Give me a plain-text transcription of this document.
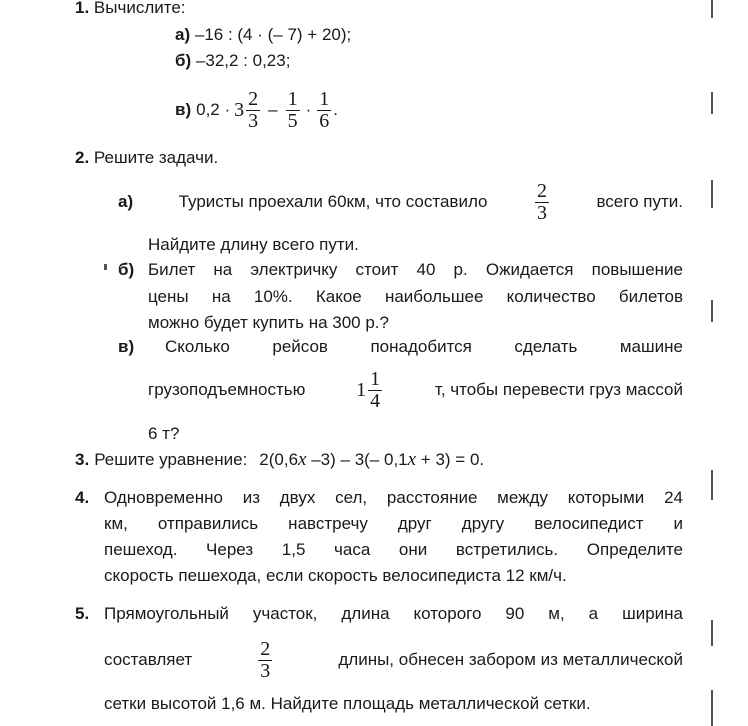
1. Вычислите:
а) –16 : (4 · (– 7) + 20);
б) –32,2 : 0,23;
в) $0,2 \cdot 3 \frac{2}{3} - \frac{1}{5} \cdot \frac{1}{6}$ .
2. Решите задачи.
а)	Туристы проехали 60км, что составило $\frac{2}{3}$	всего пути.
Найдите длину всего пути.
б) Билет на электричку стоит 40 р. Ожидается повышение
цены на 10%. Какое наибольшее количество билетов
можно будет купить на 300 р.?
в) Сколько рейсов понадобится сделать машине
грузоподъемностью	$1 \frac{1}{4}$	т, чтобы перевести груз массой
6 т?
3. Решите уравнение: 2(0,6x –3) – 3(– 0,1x + 3) = 0.
4. Одновременно из двух сел, расстояние между которыми 24
км, отправились навстречу друг другу велосипедист и
пешеход. Через 1,5 часа они встретились. Определите
скорость пешехода, если скорость велосипедиста 12 км/ч.
5. Прямоугольный участок, длина которого 90 м, а ширина
составляет	$\frac{2}{3}$	длины, обнесен забором из металлической
сетки высотой 1,6 м. Найдите площадь металлической сетки.
